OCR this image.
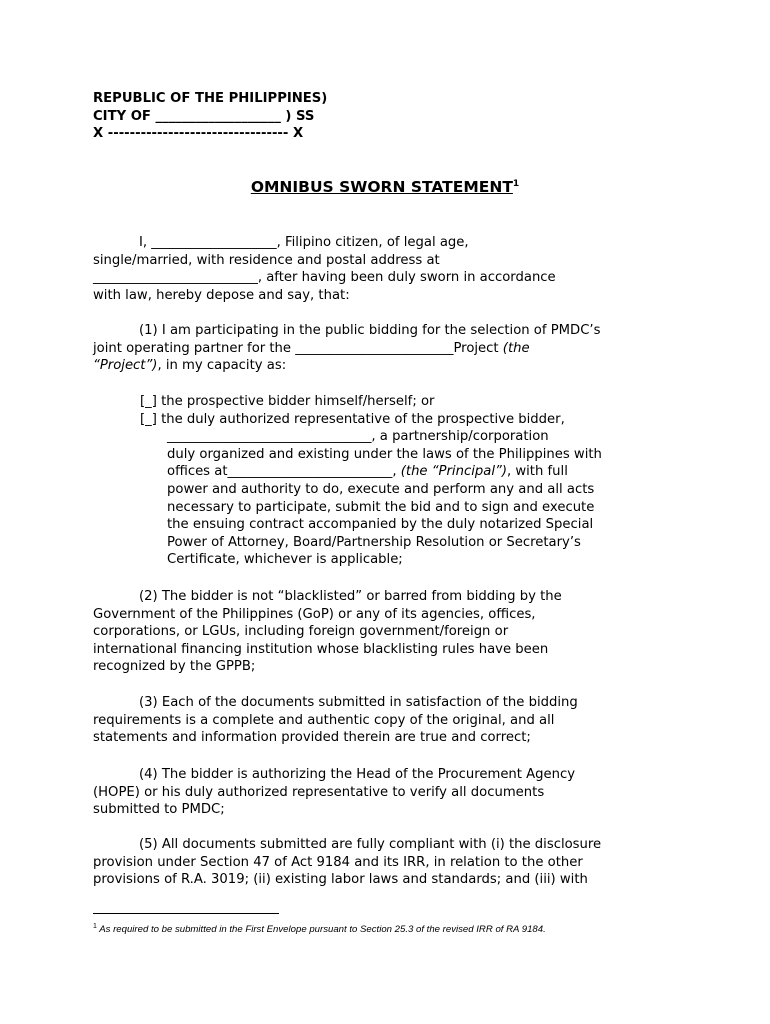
REPUBLIC OF THE PHILIPPINES)
CITY OF ___________________ ) SS
X --------------------------------- X
OMNIBUS SWORN STATEMENT$^1$
I, ___________________, Filipino citizen, of legal age,
single/married, with residence and postal address at
_________________________, after having been duly sworn in accordance
with law, hereby depose and say, that:
(1) I am participating in the public bidding for the selection of PMDC’s
joint operating partner for the ________________________Project (the
“Project”), in my capacity as:
[_] the prospective bidder himself/herself; or
[_] the duly authorized representative of the prospective bidder,
_______________________________, a partnership/corporation
duly organized and existing under the laws of the Philippines with
offices at_________________________, (the “Principal”), with full
power and authority to do, execute and perform any and all acts
necessary to participate, submit the bid and to sign and execute
the ensuing contract accompanied by the duly notarized Special
Power of Attorney, Board/Partnership Resolution or Secretary’s
Certificate, whichever is applicable;
(2) The bidder is not “blacklisted” or barred from bidding by the
Government of the Philippines (GoP) or any of its agencies, offices,
corporations, or LGUs, including foreign government/foreign or
international financing institution whose blacklisting rules have been
recognized by the GPPB;
(3) Each of the documents submitted in satisfaction of the bidding
requirements is a complete and authentic copy of the original, and all
statements and information provided therein are true and correct;
(4) The bidder is authorizing the Head of the Procurement Agency
(HOPE) or his duly authorized representative to verify all documents
submitted to PMDC;
(5) All documents submitted are fully compliant with (i) the disclosure
provision under Section 47 of Act 9184 and its IRR, in relation to the other
provisions of R.A. 3019; (ii) existing labor laws and standards; and (iii) with
$^1$ As required to be submitted in the First Envelope pursuant to Section 25.3 of the revised IRR of RA 9184.
